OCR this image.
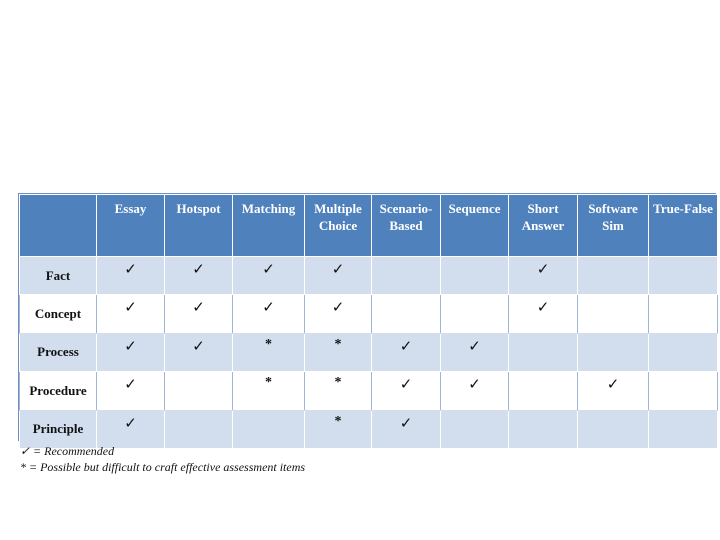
	Essay	Hotspot	Matching	Multiple Choice	Scenario-Based	Sequence	Short Answer	Software Sim	True-False
Fact	✓	✓	✓	✓			✓		
Concept	✓	✓	✓	✓			✓		
Process	✓	✓	*	*	✓	✓			
Procedure	✓		*	*	✓	✓		✓	
Principle	✓			*	✓				
✓ = Recommended
* = Possible but difficult to craft effective assessment items
